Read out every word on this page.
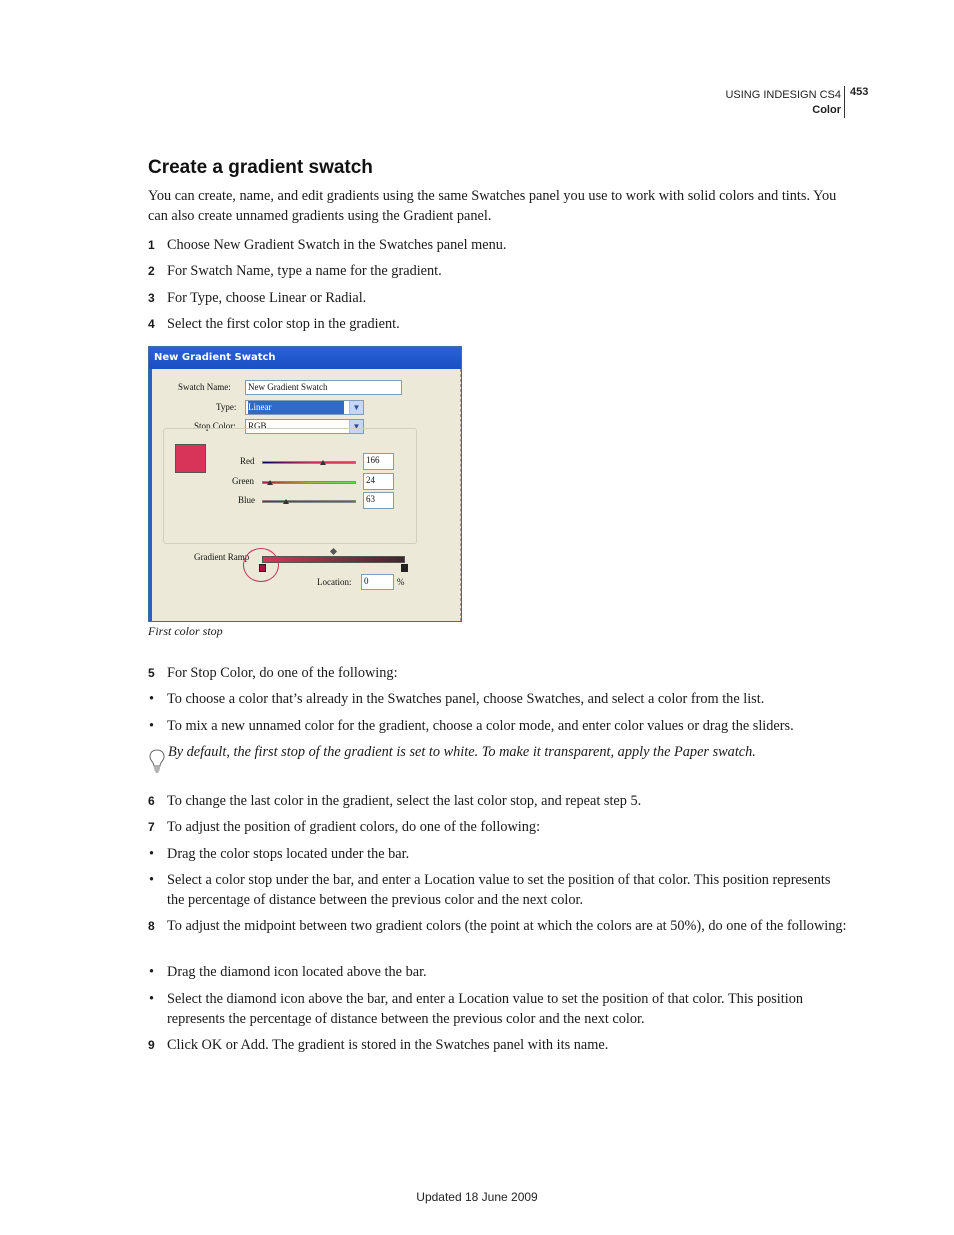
USING INDESIGN CS4
Color
453
Create a gradient swatch

You can create, name, and edit gradients using the same Swatches panel you use to work with solid colors and tints. You can also create unnamed gradients using the Gradient panel.

1 Choose New Gradient Swatch in the Swatches panel menu.
2 For Swatch Name, type a name for the gradient.
3 For Type, choose Linear or Radial.
4 Select the first color stop in the gradient.
New Gradient Swatch
Swatch Name:	New Gradient Swatch
Type:	Linear	▼
Stop Color:	RGB	▼
Red	166
Green	24
Blue	63
Gradient Ramp
Location:	0	%
First color stop
5 For Stop Color, do one of the following:
• To choose a color that’s already in the Swatches panel, choose Swatches, and select a color from the list.
• To mix a new unnamed color for the gradient, choose a color mode, and enter color values or drag the sliders.
By default, the first stop of the gradient is set to white. To make it transparent, apply the Paper swatch.
6 To change the last color in the gradient, select the last color stop, and repeat step 5.
7 To adjust the position of gradient colors, do one of the following:
• Drag the color stops located under the bar.
• Select a color stop under the bar, and enter a Location value to set the position of that color. This position represents the percentage of distance between the previous color and the next color.
8 To adjust the midpoint between two gradient colors (the point at which the colors are at 50%), do one of the following:
• Drag the diamond icon located above the bar.
• Select the diamond icon above the bar, and enter a Location value to set the position of that color. This position represents the percentage of distance between the previous color and the next color.
9 Click OK or Add. The gradient is stored in the Swatches panel with its name.
Updated 18 June 2009
